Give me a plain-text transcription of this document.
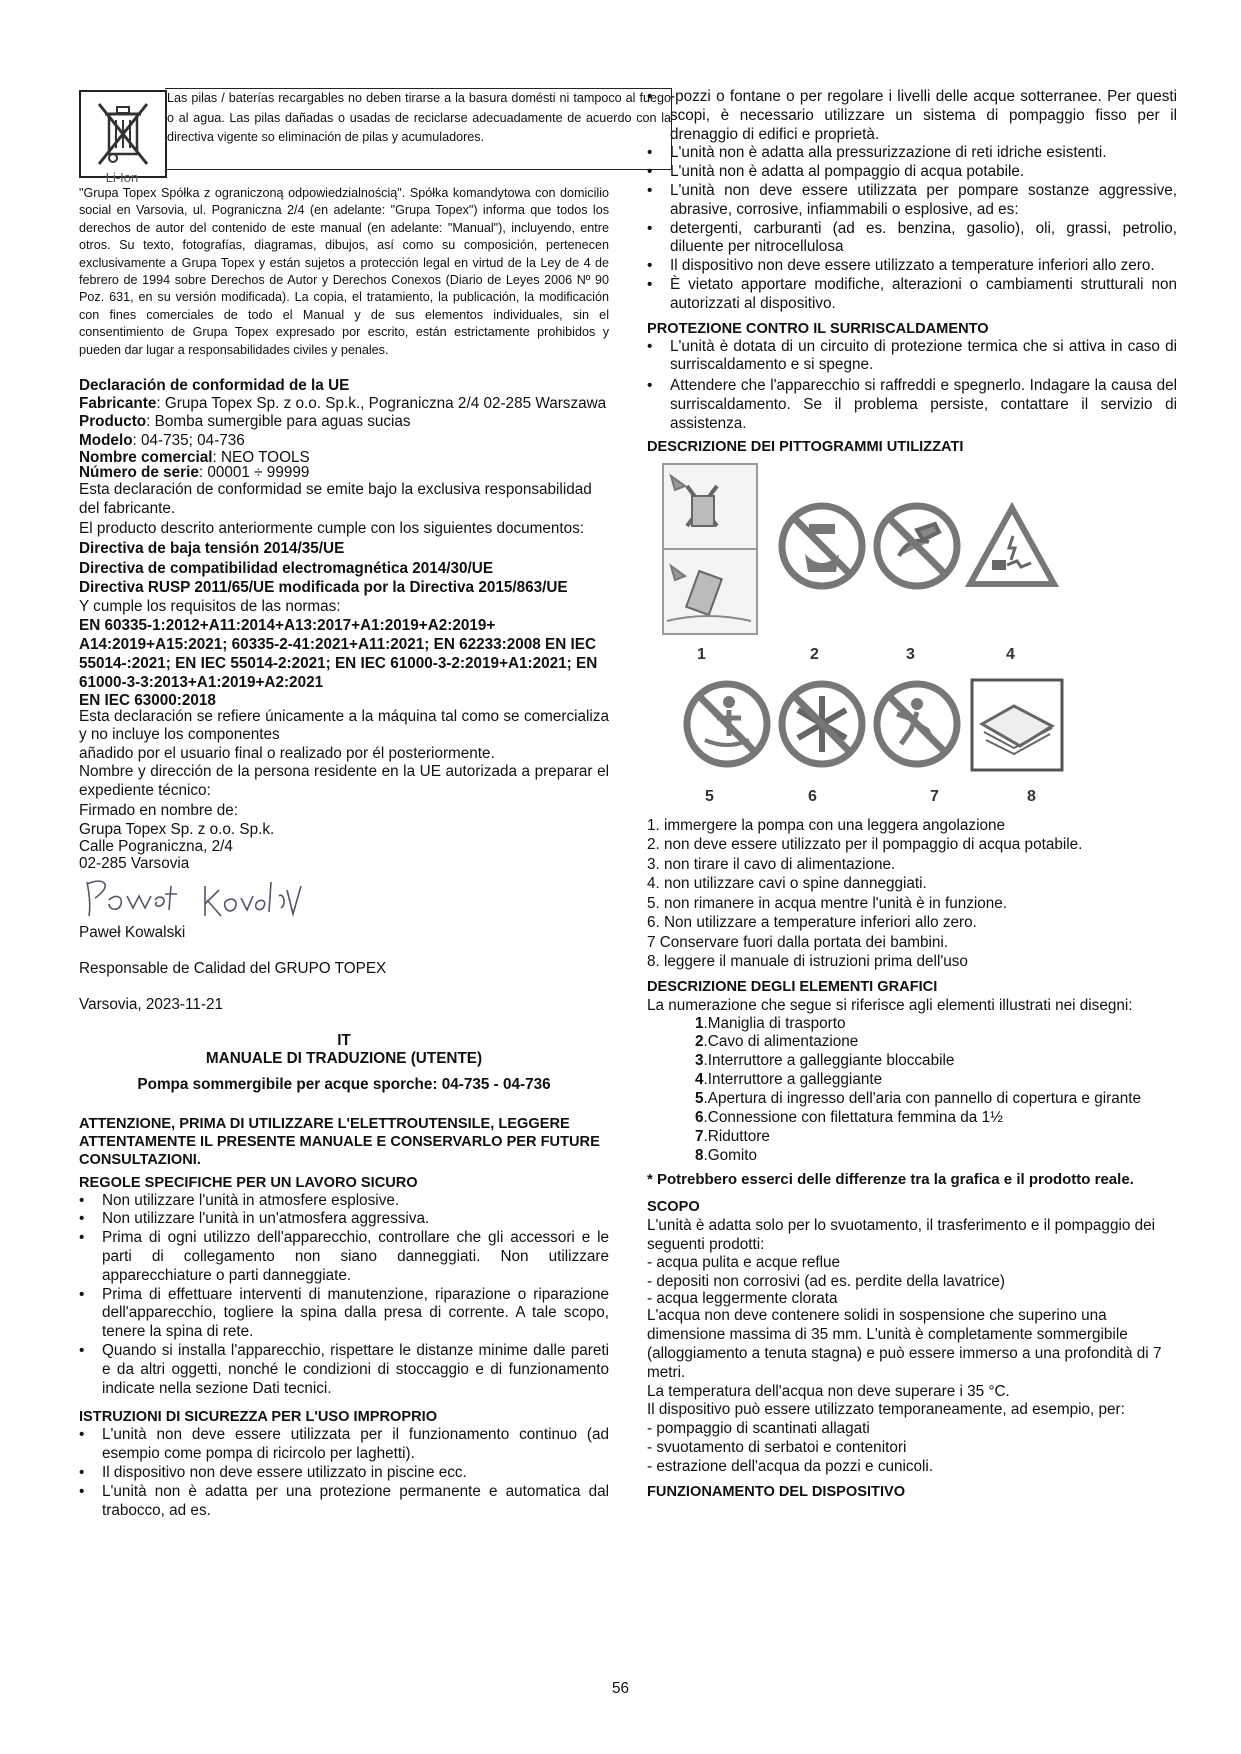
Li-Ion

Las pilas / baterías recargables no deben tirarse a la basura domésti ni tampoco al fuego o al agua. Las pilas dañadas o usadas de reciclarse adecuadamente de acuerdo con la directiva vigente so eliminación de pilas y acumuladores.

"Grupa Topex Spółka z ograniczoną odpowiedzialnością". Spółka komandytowa con domicilio social en Varsovia, ul. Pograniczna 2/4 (en adelante: "Grupa Topex") informa que todos los derechos de autor del contenido de este manual (en adelante: "Manual"), incluyendo, entre otros. Su texto, fotografías, diagramas, dibujos, así como su composición, pertenecen exclusivamente a Grupa Topex y están sujetos a protección legal en virtud de la Ley de 4 de febrero de 1994 sobre Derechos de Autor y Derechos Conexos (Diario de Leyes 2006 Nº 90 Poz. 631, en su versión modificada). La copia, el tratamiento, la publicación, la modificación con fines comerciales de todo el Manual y de sus elementos individuales, sin el consentimiento de Grupa Topex expresado por escrito, están estrictamente prohibidos y pueden dar lugar a responsabilidades civiles y penales.

Declaración de conformidad de la UE

Fabricante: Grupa Topex Sp. z o.o. Sp.k., Pograniczna 2/4 02-285 Warszawa

Producto: Bomba sumergible para aguas sucias

Modelo: 04-735; 04-736

Nombre comercial: NEO TOOLS

Número de serie: 00001 ÷ 99999

Esta declaración de conformidad se emite bajo la exclusiva responsabilidad del fabricante.

El producto descrito anteriormente cumple con los siguientes documentos:

Directiva de baja tensión 2014/35/UE

Directiva de compatibilidad electromagnética 2014/30/UE

Directiva RUSP 2011/65/UE modificada por la Directiva 2015/863/UE

Y cumple los requisitos de las normas:

EN 60335-1:2012+A11:2014+A13:2017+A1:2019+A2:2019+ A14:2019+A15:2021; 60335-2-41:2021+A11:2021; EN 62233:2008 EN IEC 55014-:2021; EN IEC 55014-2:2021; EN IEC 61000-3-2:2019+A1:2021; EN 61000-3-3:2013+A1:2019+A2:2021

EN IEC 63000:2018

Esta declaración se refiere únicamente a la máquina tal como se comercializa y no incluye los componentes

añadido por el usuario final o realizado por él posteriormente.

Nombre y dirección de la persona residente en la UE autorizada a preparar el expediente técnico:

Firmado en nombre de:

Grupa Topex Sp. z o.o. Sp.k.

Calle Pograniczna, 2/4

02-285 Varsovia

Paweł Kowalski

Responsable de Calidad del GRUPO TOPEX

Varsovia, 2023-11-21

IT

MANUALE DI TRADUZIONE (UTENTE)

Pompa sommergibile per acque sporche: 04-735 - 04-736

ATTENZIONE, PRIMA DI UTILIZZARE L'ELETTROUTENSILE, LEGGERE ATTENTAMENTE IL PRESENTE MANUALE E CONSERVARLO PER FUTURE CONSULTAZIONI.

REGOLE SPECIFICHE PER UN LAVORO SICURO

• Non utilizzare l'unità in atmosfere esplosive.
• Non utilizzare l'unità in un'atmosfera aggressiva.
• Prima di ogni utilizzo dell'apparecchio, controllare che gli accessori e le parti di collegamento non siano danneggiati. Non utilizzare apparecchiature o parti danneggiate.
• Prima di effettuare interventi di manutenzione, riparazione o riparazione dell'apparecchio, togliere la spina dalla presa di corrente. A tale scopo, tenere la spina di rete.
• Quando si installa l'apparecchio, rispettare le distanze minime dalle pareti e da altri oggetti, nonché le condizioni di stoccaggio e di funzionamento indicate nella sezione Dati tecnici.

ISTRUZIONI DI SICUREZZA PER L'USO IMPROPRIO

• L'unità non deve essere utilizzata per il funzionamento continuo (ad esempio come pompa di ricircolo per laghetti).
• Il dispositivo non deve essere utilizzato in piscine ecc.
• L'unità non è adatta per una protezione permanente e automatica dal trabocco, ad es.
• -pozzi o fontane o per regolare i livelli delle acque sotterranee. Per questi scopi, è necessario utilizzare un sistema di pompaggio fisso per il drenaggio di edifici e proprietà.
• L'unità non è adatta alla pressurizzazione di reti idriche esistenti.
• L'unità non è adatta al pompaggio di acqua potabile.
• L'unità non deve essere utilizzata per pompare sostanze aggressive, abrasive, corrosive, infiammabili o esplosive, ad es:
• detergenti, carburanti (ad es. benzina, gasolio), oli, grassi, petrolio, diluente per nitrocellulosa
• Il dispositivo non deve essere utilizzato a temperature inferiori allo zero.
• È vietato apportare modifiche, alterazioni o cambiamenti strutturali non autorizzati al dispositivo.

PROTEZIONE CONTRO IL SURRISCALDAMENTO

• L'unità è dotata di un circuito di protezione termica che si attiva in caso di surriscaldamento e si spegne.
• Attendere che l'apparecchio si raffreddi e spegnerlo. Indagare la causa del surriscaldamento. Se il problema persiste, contattare il servizio di assistenza.

DESCRIZIONE DEI PITTOGRAMMI UTILIZZATI

1	2	3	4
5	6	7	8

1. immergere la pompa con una leggera angolazione

2. non deve essere utilizzato per il pompaggio di acqua potabile.

3. non tirare il cavo di alimentazione.

4. non utilizzare cavi o spine danneggiati.

5. non rimanere in acqua mentre l'unità è in funzione.

6. Non utilizzare a temperature inferiori allo zero.

7 Conservare fuori dalla portata dei bambini.

8. leggere il manuale di istruzioni prima dell'uso

DESCRIZIONE DEGLI ELEMENTI GRAFICI

La numerazione che segue si riferisce agli elementi illustrati nei disegni:

1.Maniglia di trasporto

2.Cavo di alimentazione

3.Interruttore a galleggiante bloccabile

4.Interruttore a galleggiante

5.Apertura di ingresso dell'aria con pannello di copertura e girante

6.Connessione con filettatura femmina da 1½

7.Riduttore

8.Gomito

* Potrebbero esserci delle differenze tra la grafica e il prodotto reale.

SCOPO

L'unità è adatta solo per lo svuotamento, il trasferimento e il pompaggio dei seguenti prodotti:

- acqua pulita e acque reflue

- depositi non corrosivi (ad es. perdite della lavatrice)

- acqua leggermente clorata

L'acqua non deve contenere solidi in sospensione che superino una dimensione massima di 35 mm. L'unità è completamente sommergibile (alloggiamento a tenuta stagna) e può essere immerso a una profondità di 7 metri.

La temperatura dell'acqua non deve superare i 35 °C.

Il dispositivo può essere utilizzato temporaneamente, ad esempio, per:

- pompaggio di scantinati allagati

- svuotamento di serbatoi e contenitori

- estrazione dell'acqua da pozzi e cunicoli.

FUNZIONAMENTO DEL DISPOSITIVO

56
